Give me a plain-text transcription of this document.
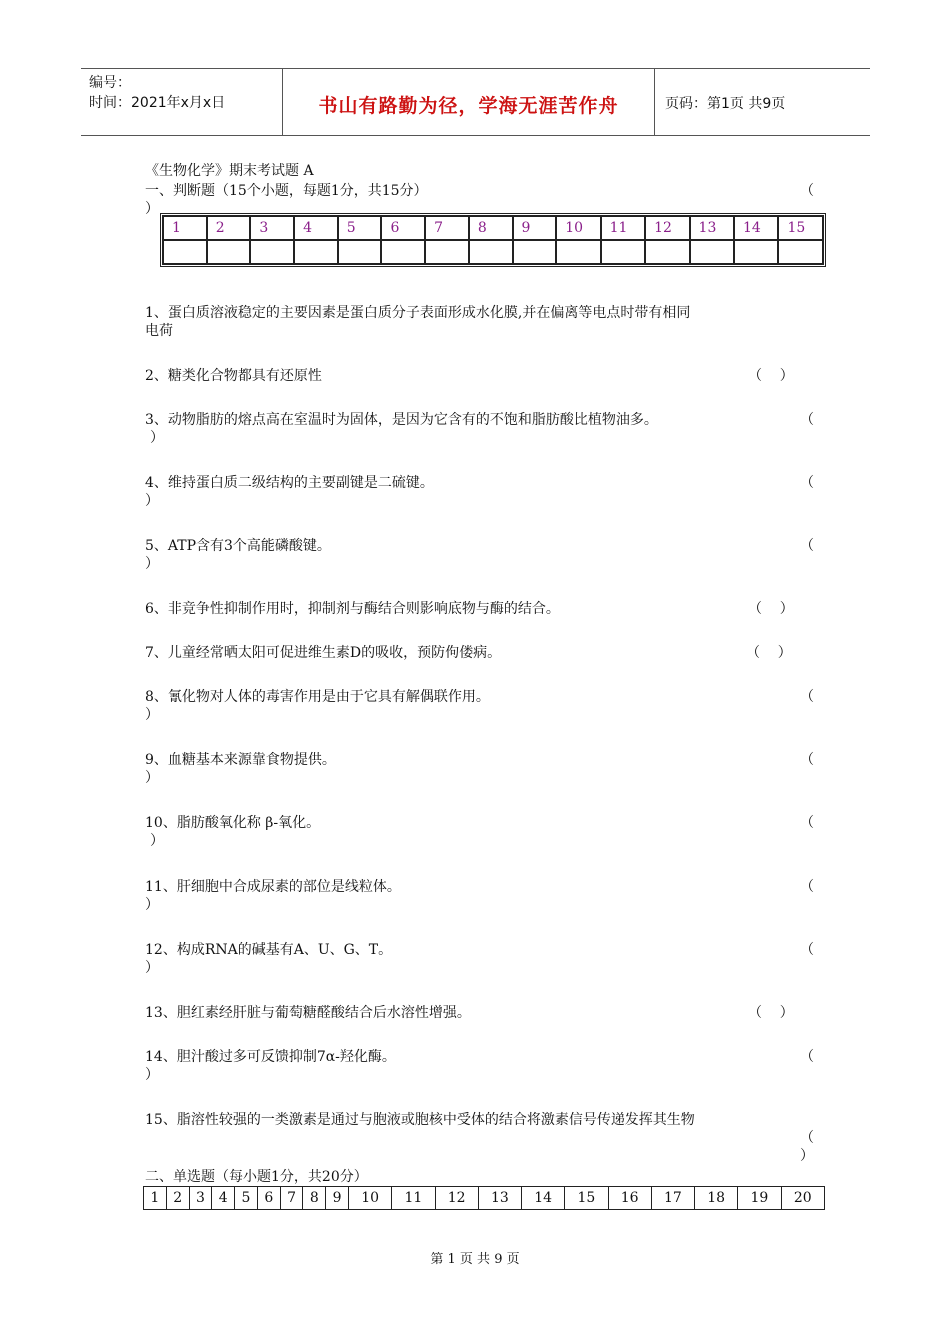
编号：
时间：2021年x月x日	书山有路勤为径，学海无涯苦作舟	页码：第1页 共9页
《生物化学》期末考试题 A
一、判断题（15个小题，每题1分，共15分）	（
）
1	2	3	4	5	6	7	8	9	10	11	12	13	14	15

1、蛋白质溶液稳定的主要因素是蛋白质分子表面形成水化膜,并在偏离等电点时带有相同
电荷
2、糖类化合物都具有还原性	（    ）
3、动物脂肪的熔点高在室温时为固体，是因为它含有的不饱和脂肪酸比植物油多。	（
）
4、维持蛋白质二级结构的主要副键是二硫键。	（
）
5、ATP含有3个高能磷酸键。	（
）
6、非竞争性抑制作用时，抑制剂与酶结合则影响底物与酶的结合。	（    ）
7、儿童经常晒太阳可促进维生素D的吸收，预防佝偻病。	（    ）
8、氰化物对人体的毒害作用是由于它具有解偶联作用。	（
）
9、血糖基本来源靠食物提供。	（
）
10、脂肪酸氧化称 β-氧化。	（
）
11、肝细胞中合成尿素的部位是线粒体。	（
）
12、构成RNA的碱基有A、U、G、T。	（
）
13、胆红素经肝脏与葡萄糖醛酸结合后水溶性增强。	（    ）
14、胆汁酸过多可反馈抑制7α-羟化酶。	（
）
15、脂溶性较强的一类激素是通过与胞液或胞核中受体的结合将激素信号传递发挥其生物
（
）
二、单选题（每小题1分，共20分）
1	2	3	4	5	6	7	8	9	10	11	12	13	14	15	16	17	18	19	20
第 1 页 共 9 页
